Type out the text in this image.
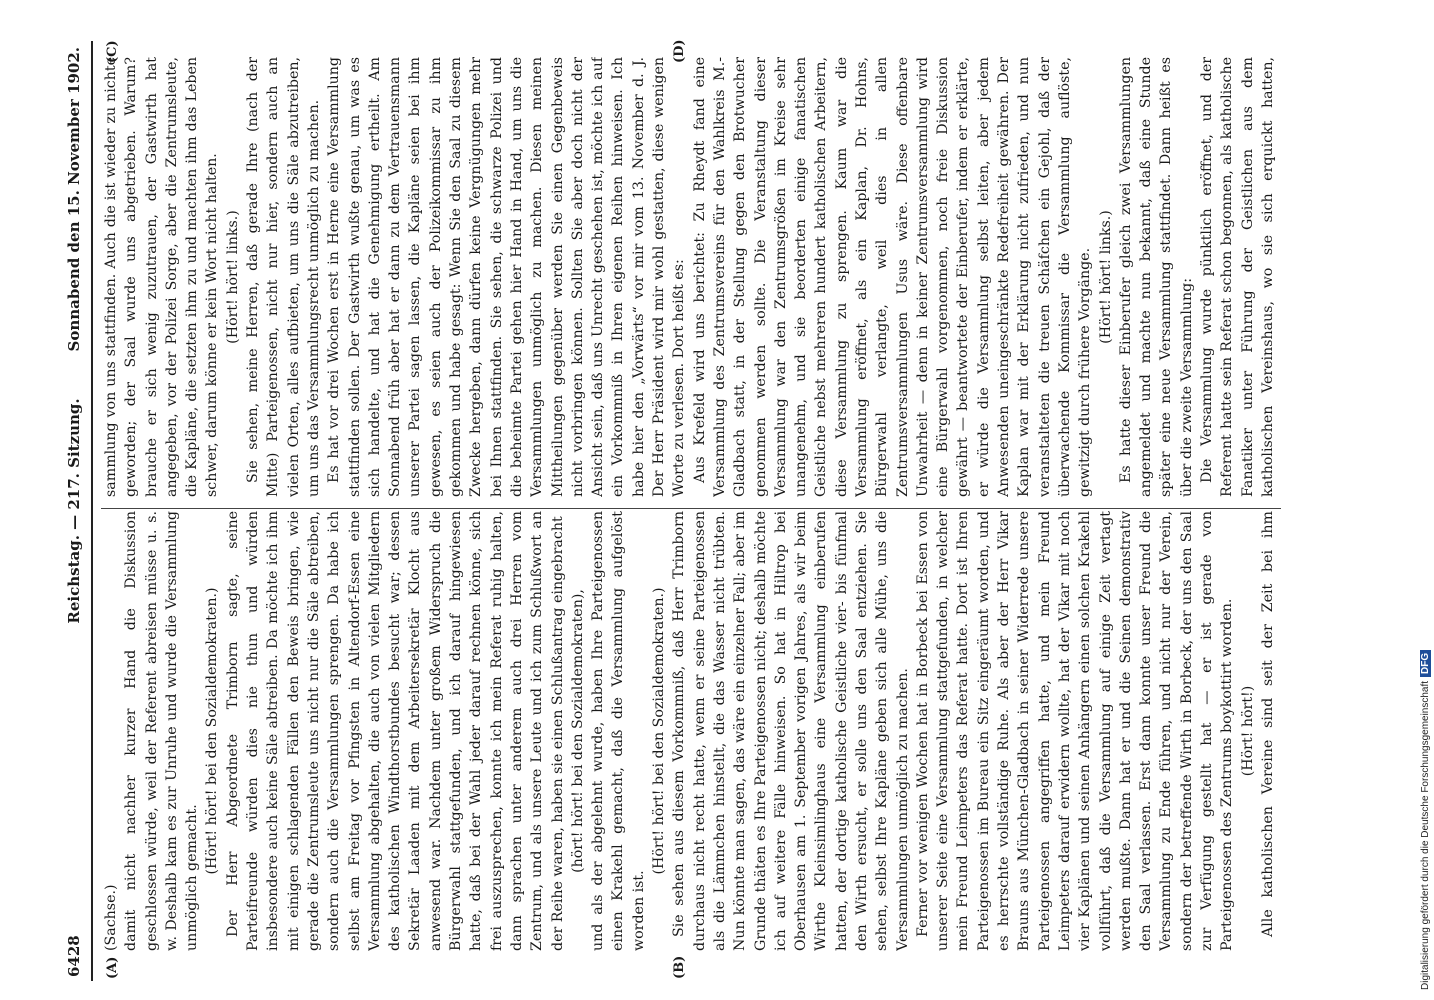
6428
Reichstag. — 217. Sitzung.
Sonnabend den 15. November 1902.
(A)	(B)
(C)	(D)

(Sachse.) damit nicht nachher kurzer Hand die Diskussion geschlossen würde, weil der Referent abreisen müsse u. s. w. Deshalb kam es zur Unruhe und wurde die Versammlung unmöglich gemacht.

(Hört! hört! bei den Sozialdemokraten.) Der Herr Abgeordnete Trimborn sagte, seine Parteifreunde würden dies nie thun und würden insbesondere auch keine Säle abtreiben. Da möchte ich ihm mit einigen schlagenden Fällen den Beweis bringen, wie gerade die Zentrumsleute uns nicht nur die Säle abtreiben, sondern auch die Versammlungen sprengen. Da habe ich selbst am Freitag vor Pfingsten in Altendorf-Essen eine Versammlung abgehalten, die auch von vielen Mitgliedern des katholischen Windthorstbundes besucht war; dessen Sekretär Laaden mit dem Arbeitersekretär Klocht aus anwesend war. Nachdem unter großem Widerspruch die Bürgerwahl stattgefunden, und ich darauf hingewiesen hatte, daß bei der Wahl jeder darauf rechnen könne, sich frei auszusprechen, konnte ich mein Referat ruhig halten, dann sprachen unter anderem auch drei Herren vom Zentrum, und als unsere Leute und ich zum Schlußwort an der Reihe waren, haben sie einen Schlußantrag eingebracht (hört! hört! bei den Sozialdemokraten), und als der abgelehnt wurde, haben Ihre Parteigenossen einen Krakehl gemacht, daß die Versammlung aufgelöst worden ist.

(Hört! hört! bei den Sozialdemokraten.) Sie sehen aus diesem Vorkommniß, daß Herr Trimborn durchaus nicht recht hatte, wenn er seine Parteigenossen als die Lämmchen hinstellt, die das Wasser nicht trübten. Nun könnte man sagen, das wäre ein einzelner Fall; aber im Grunde thäten es Ihre Parteigenossen nicht; deshalb möchte ich auf weitere Fälle hinweisen. So hat in Hiltrop bei Oberhausen am 1. September vorigen Jahres, als wir beim Wirthe Kleinsimlinghaus eine Versammlung einberufen hatten, der dortige katholische Geistliche vier- bis fünfmal den Wirth ersucht, er solle uns den Saal entziehen. Sie sehen, selbst Ihre Kapläne geben sich alle Mühe, uns die Versammlungen unmöglich zu machen. Ferner vor wenigen Wochen hat in Borbeck bei Essen von unserer Seite eine Versammlung stattgefunden, in welcher mein Freund Leimpeters das Referat hatte. Dort ist Ihren Parteigenossen im Bureau ein Sitz eingeräumt worden, und es herrschte vollständige Ruhe. Als aber der Herr Vikar Brauns aus München-Gladbach in seiner Widerrede unsere Parteigenossen angegriffen hatte, und mein Freund Leimpeters darauf erwidern wollte, hat der Vikar mit noch vier Kaplänen und seinen Anhängern einen solchen Krakehl vollführt, daß die Versammlung auf einige Zeit vertagt werden mußte. Dann hat er und die Seinen demonstrativ den Saal verlassen. Erst dann konnte unser Freund die Versammlung zu Ende führen, und nicht nur der Verein, sondern der betreffende Wirth in Borbeck, der uns den Saal zur Verfügung gestellt hat — er ist gerade von Parteigenossen des Zentrums boykottirt worden. (Hört! hört!)

Alle katholischen Vereine sind seit der Zeit bei ihm

sammlung von uns stattfinden. Auch die ist wieder zu nichte geworden; der Saal wurde uns abgetrieben. Warum? brauche er sich wenig zuzutrauen, der Gastwirth hat angegeben, vor der Polizei Sorge, aber die Zentrumsleute, die Kapläne, die setzten ihm zu und machten ihm das Leben schwer, darum könne er kein Wort nicht halten. (Hört! hört! links.) Sie sehen, meine Herren, daß gerade Ihre (nach der Mitte) Parteigenossen, nicht nur hier, sondern auch an vielen Orten, alles aufbieten, um uns die Säle abzutreiben, um uns das Versammlungsrecht unmöglich zu machen. Es hat vor drei Wochen erst in Herne eine Versammlung stattfinden sollen. Der Gastwirth wußte genau, um was es sich handelte, und hat die Genehmigung ertheilt. Am Sonnabend früh aber hat er dann zu dem Vertrauensmann unserer Partei sagen lassen, die Kapläne seien bei ihm gewesen, es seien auch der Polizeikommissar zu ihm gekommen und habe gesagt: Wenn Sie den Saal zu diesem Zwecke hergeben, dann dürfen keine Vergnügungen mehr bei Ihnen stattfinden. Sie sehen, die schwarze Polizei und die beheimte Partei gehen hier Hand in Hand, um uns die Versammlungen unmöglich zu machen. Diesen meinen Mittheilungen gegenüber werden Sie einen Gegenbeweis nicht vorbringen können. Sollten Sie aber doch nicht der Ansicht sein, daß uns Unrecht geschehen ist, möchte ich auf ein Vorkommniß in Ihren eigenen Reihen hinweisen. Ich habe hier den „Vorwärts“ vor mir vom 13. November d. J. Der Herr Präsident wird mir wohl gestatten, diese wenigen Worte zu verlesen. Dort heißt es: Aus Krefeld wird uns berichtet: Zu Rheydt fand eine Versammlung des Zentrumsvereins für den Wahlkreis M.-Gladbach statt, in der Stellung gegen den Brotwucher genommen werden sollte. Die Veranstaltung dieser Versammlung war den Zentrumsgrößen im Kreise sehr unangenehm, und sie beorderten einige fanatischen Geistliche nebst mehreren hundert katholischen Arbeitern, diese Versammlung zu sprengen. Kaum war die Versammlung eröffnet, als ein Kaplan, Dr. Hohns, Bürgerwahl verlangte, weil dies in allen Zentrumsversammlungen Usus wäre. Diese offenbare Unwahrheit — denn in keiner Zentrumsversammlung wird eine Bürgerwahl vorgenommen, noch freie Diskussion gewährt — beantwortete der Einberufer, indem er erklärte, er würde die Versammlung selbst leiten, aber jedem Anwesenden uneingeschränkte Redefreiheit gewähren. Der Kaplan war mit der Erklärung nicht zufrieden, und nun veranstalteten die treuen Schäfchen ein Gejohl, daß der überwachende Kommissar die Versammlung auflöste, gewitzigt durch frühere Vorgänge. (Hört! hört! links.) Es hatte dieser Einberufer gleich zwei Versammlungen angemeldet und machte nun bekannt, daß eine Stunde später eine neue Versammlung stattfindet. Dann heißt es über die zweite Versammlung: Die Versammlung wurde pünktlich eröffnet, und der Referent hatte sein Referat schon begonnen, als katholische Fanatiker unter Führung der Geistlichen aus dem katholischen Vereinshaus, wo sie sich erquickt hatten,

Digitalisierung gefördert durch die Deutsche ForschungsgemeinschaftDFG
